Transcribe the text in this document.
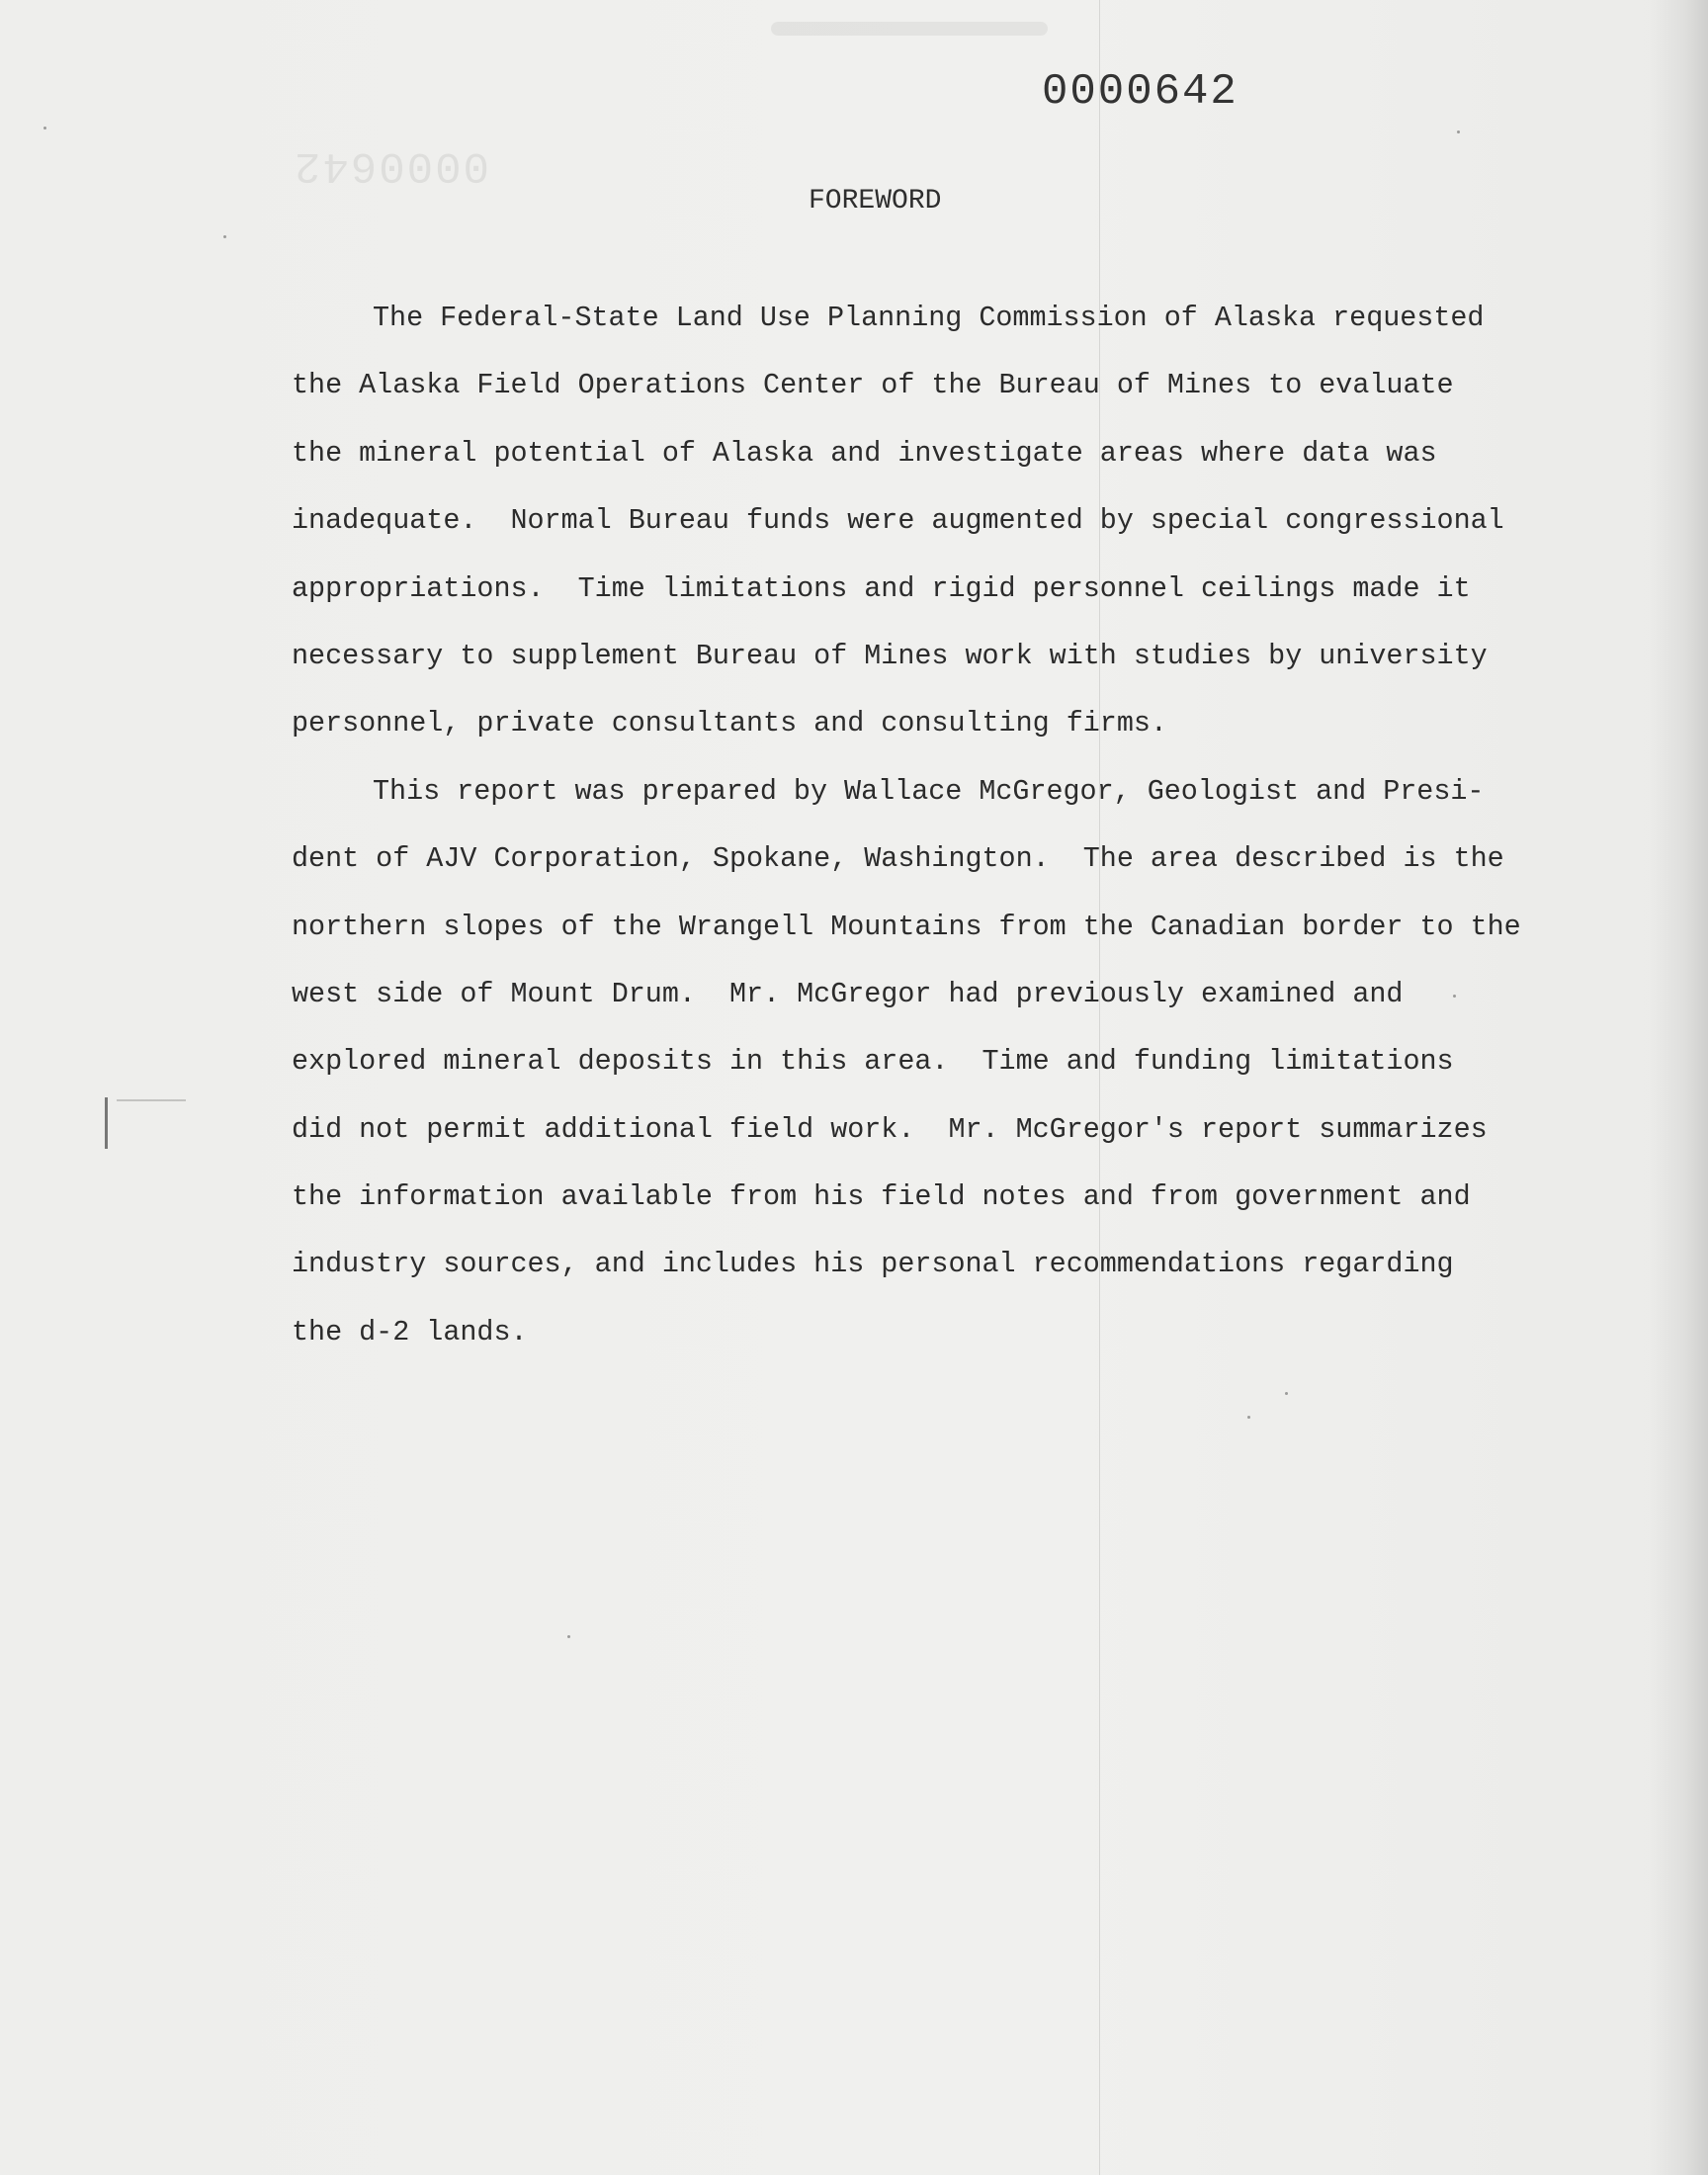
0000642
0000642
FOREWORD
The Federal-State Land Use Planning Commission of Alaska requested
the Alaska Field Operations Center of the Bureau of Mines to evaluate
the mineral potential of Alaska and investigate areas where data was
inadequate.  Normal Bureau funds were augmented by special congressional
appropriations.  Time limitations and rigid personnel ceilings made it
necessary to supplement Bureau of Mines work with studies by university
personnel, private consultants and consulting firms.
This report was prepared by Wallace McGregor, Geologist and Presi-
dent of AJV Corporation, Spokane, Washington.  The area described is the
northern slopes of the Wrangell Mountains from the Canadian border to the
west side of Mount Drum.  Mr. McGregor had previously examined and
explored mineral deposits in this area.  Time and funding limitations
did not permit additional field work.  Mr. McGregor's report summarizes
the information available from his field notes and from government and
industry sources, and includes his personal recommendations regarding
the d-2 lands.
